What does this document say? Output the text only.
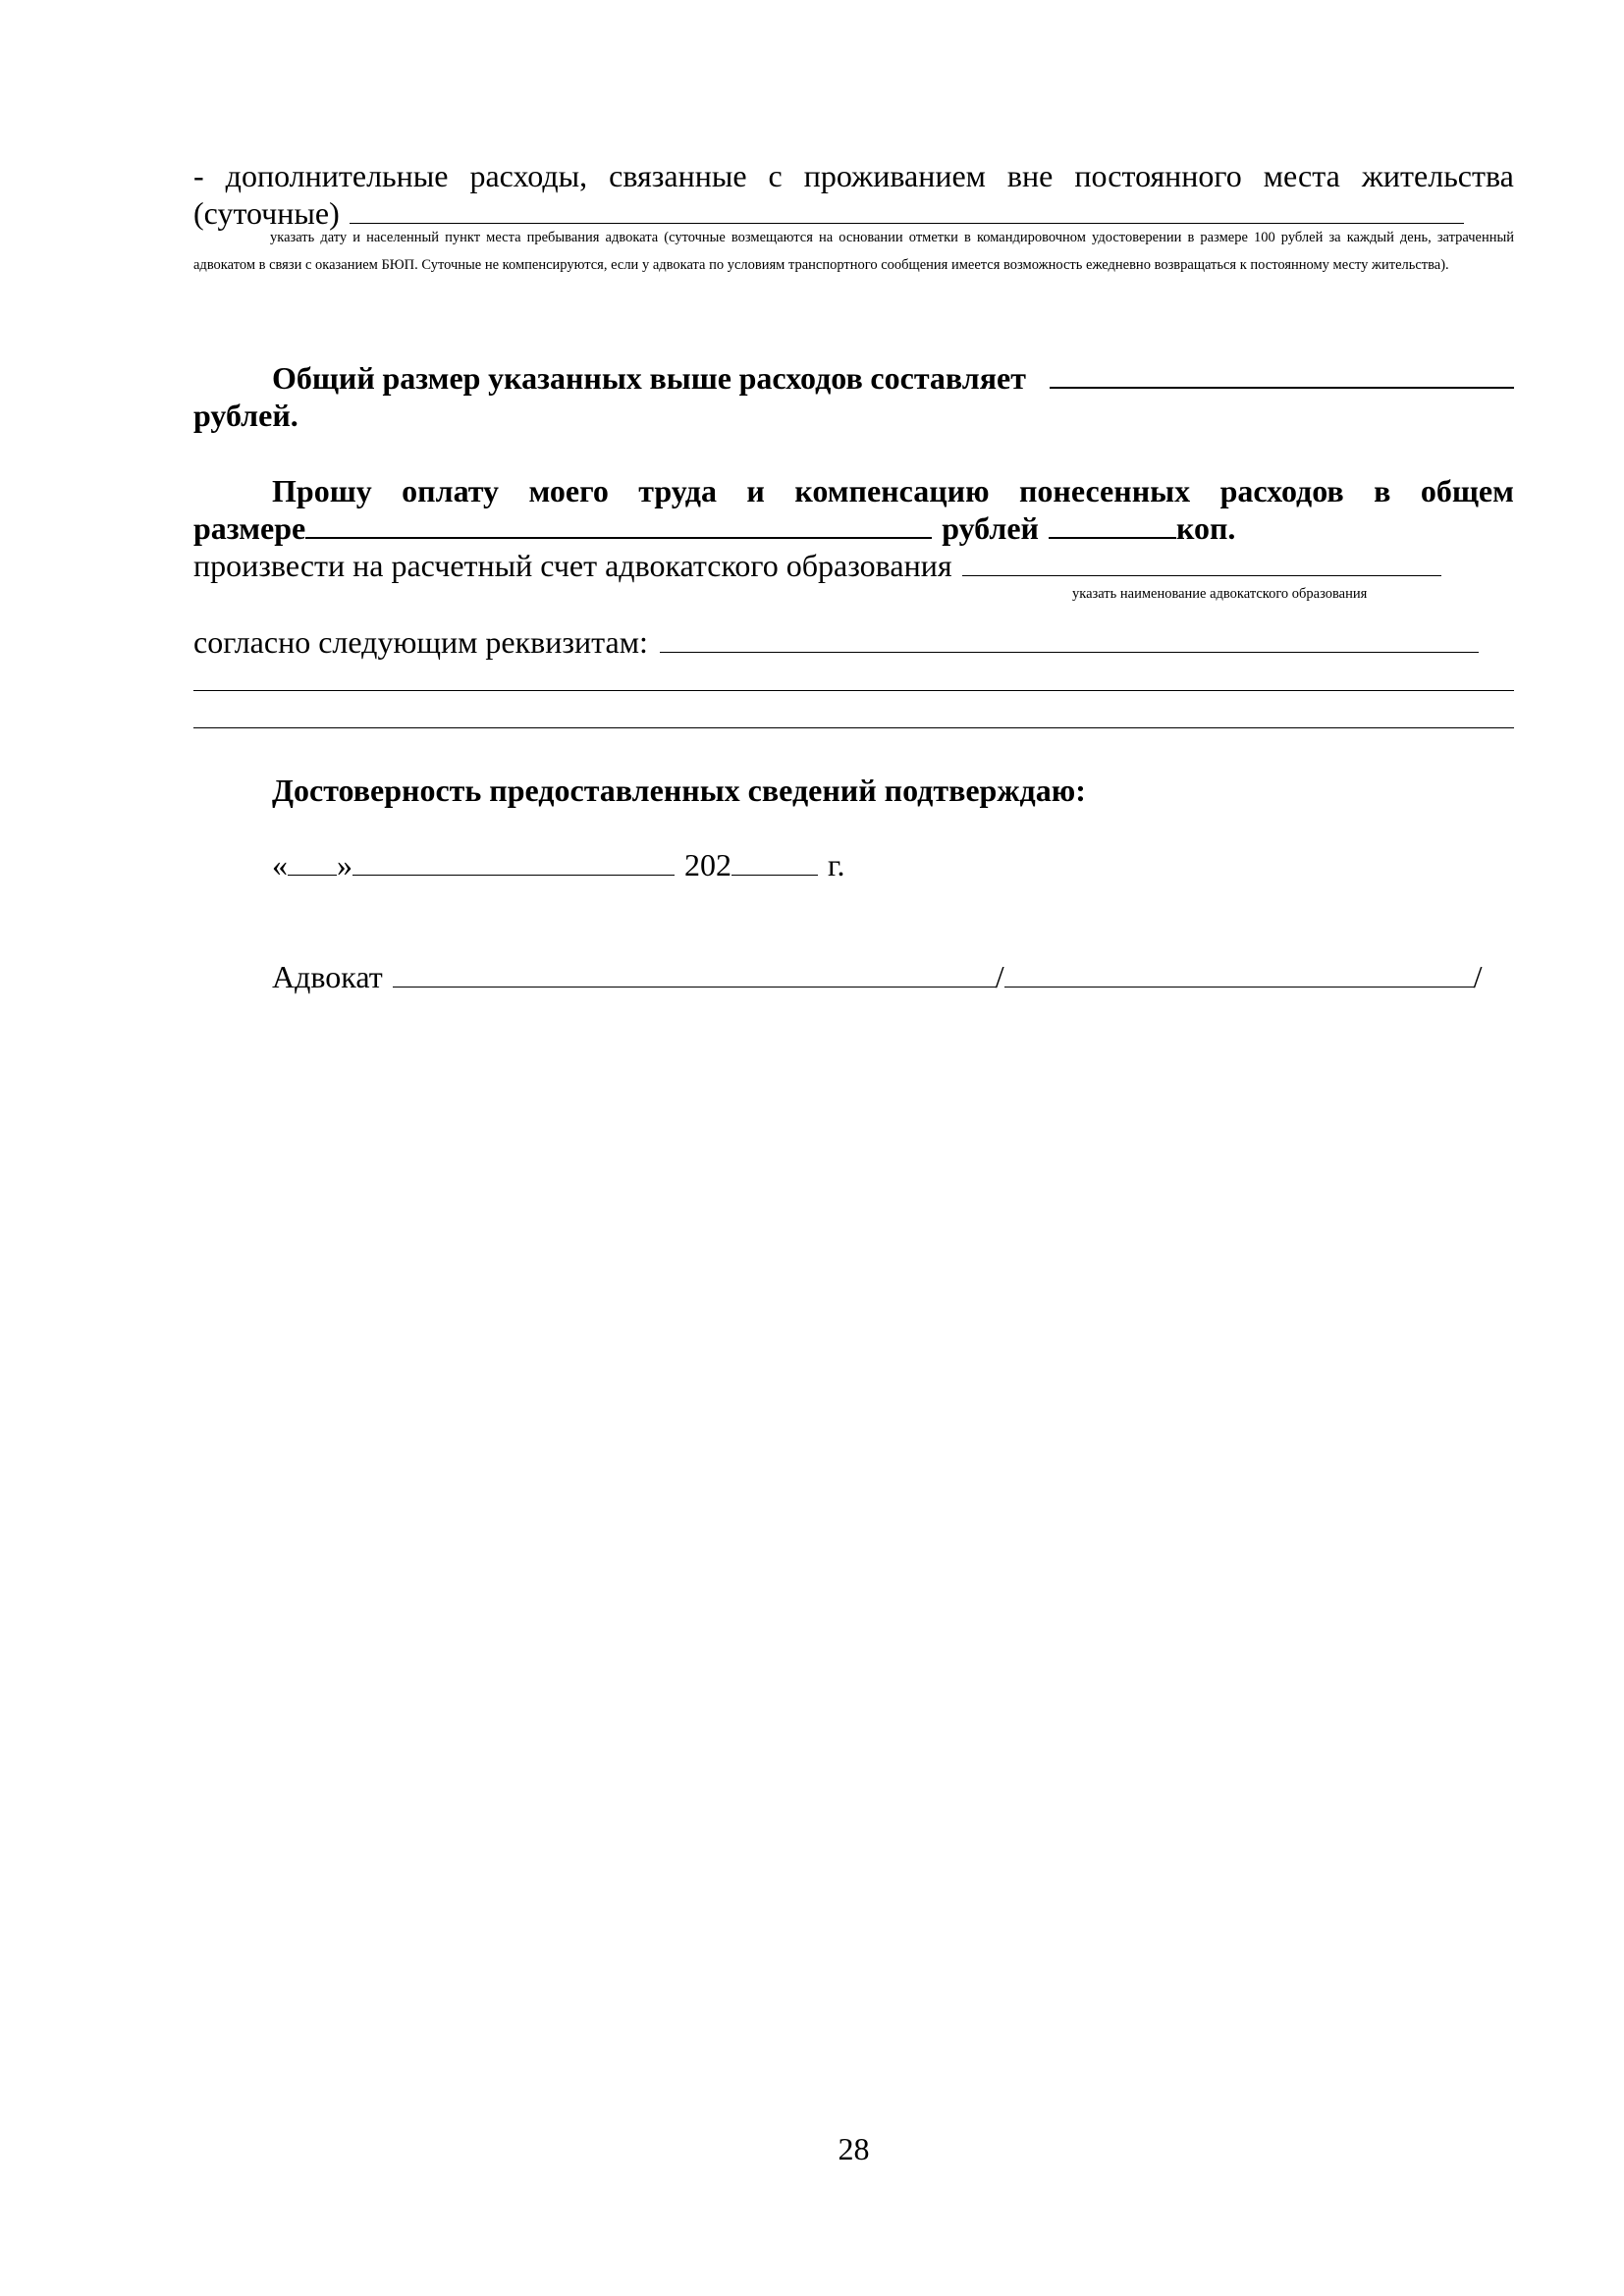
- дополнительные расходы, связанные с проживанием вне постоянного места жительства
(суточные)
указать дату и населенный пункт места пребывания адвоката (суточные возмещаются на основании отметки в командировочном удостоверении в размере 100 рублей за каждый день, затраченный адвокатом в связи с оказанием БЮП. Суточные не компенсируются, если у адвоката по условиям транспортного сообщения имеется возможность ежедневно возвращаться к постоянному месту жительства).
Общий размер указанных выше расходов составляет
рублей.
Прошу оплату моего труда и компенсацию понесенных расходов в общем
размере	рублей	коп.
произвести на расчетный счет адвокатского образования
указать наименование адвокатского образования
согласно следующим реквизитам:
Достоверность предоставленных сведений подтверждаю:
« »	202	г.
Адвокат	/	/
28
